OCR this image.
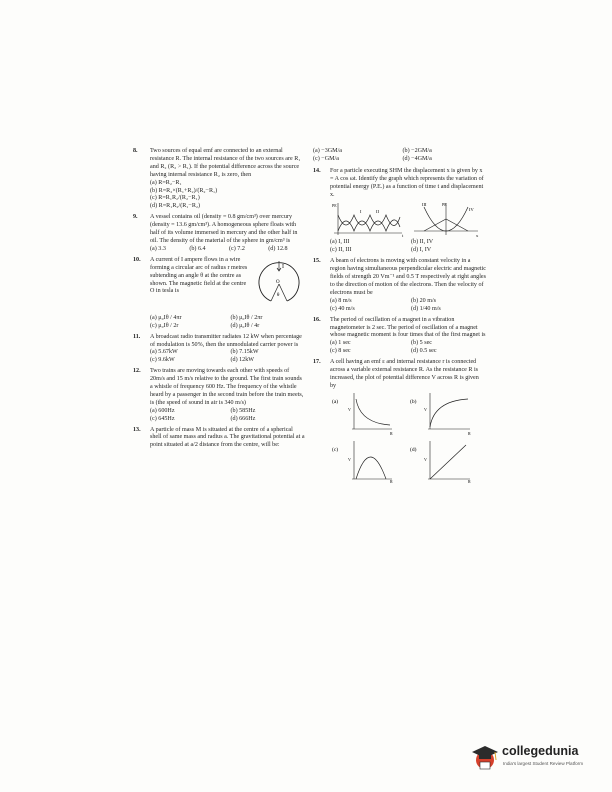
8. Two sources of equal emf are connected to an external resistance R. The internal resistance of the two sources are R₁ and R₂ (R₂ > R₁). If the potential difference across the source having internal resistance R₂ is zero, then
(a) R=R₂−R₁
(b) R=R₂×(R₁+R₂)/(R₂−R₁)
(c) R=R₁R₂/(R₂−R₁)
(d) R=R₁R₂/(R₁−R₂)
9. A vessel contains oil (density = 0.8 gm/cm³) over mercury (density = 13.6 gm/cm³). A homogeneous sphere floats with half of its volume immersed in mercury and the other half in oil. The density of the material of the sphere in gm/cm³ is
(a) 3.3	(b) 6.4	(c) 7.2	(d) 12.8
10.
I
O
θ
A current of I ampere flows in a wire forming a circular arc of radius r metres subtending an angle θ at the centre as shown. The magnetic field at the centre O in tesla is
(a) μ₀Iθ / 4πr	(b) μ₀Iθ / 2πr
(c) μ₀Iθ / 2r	(d) μ₀Iθ / 4r
11. A broadcast radio transmitter radiates 12 kW when percentage of modulation is 50%, then the unmodulated carrier power is
(a) 5.67kW	(b) 7.15kW
(c) 9.6kW	(d) 12kW
12. Two trains are moving towards each other with speeds of 20m/s and 15 m/s relative to the ground. The first train sounds a whistle of frequency 600 Hz. The frequency of the whistle heard by a passenger in the second train before the train meets, is (the speed of sound in air is 340 m/s)
(a) 600Hz	(b) 585Hz
(c) 645Hz	(d) 666Hz
13. A particle of mass M is situated at the centre of a spherical shell of same mass and radius a. The gravitational potential at a point situated at a/2 distance from the centre, will be:
(a) −3GM/a	(b) −2GM/a
(c) −GM/a	(d) −4GM/a
14. For a particle executing SHM the displacement x is given by x = A cos ωt. Identify the graph which represents the variation of potential energy (P.E.) as a function of time t and displacement x.
PE
I	II
t
PE
III
IV
x
(a) I, III	(b) II, IV
(c) II, III	(d) I, IV
15. A beam of electrons is moving with constant velocity in a region having simultaneous perpendicular electric and magnetic fields of strength 20 Vm⁻¹ and 0.5 T respectively at right angles to the direction of motion of the electrons. Then the velocity of electrons must be
(a) 8 m/s	(b) 20 m/s
(c) 40 m/s	(d) 1/40 m/s
16. The period of oscillation of a magnet in a vibration magnetometer is 2 sec. The period of oscillation of a magnet whose magnetic moment is four times that of the first magnet is
(a) 1 sec	(b) 5 sec
(c) 8 sec	(d) 0.5 sec
17. A cell having an emf ε and internal resistance r is connected across a variable external resistance R. As the resistance R is increased, the plot of potential difference V across R is given by
(a)
V
R
(b)
V
R
(c)
V
R
(d)
V
R
collegedunia
India's largest Student Review Platform
